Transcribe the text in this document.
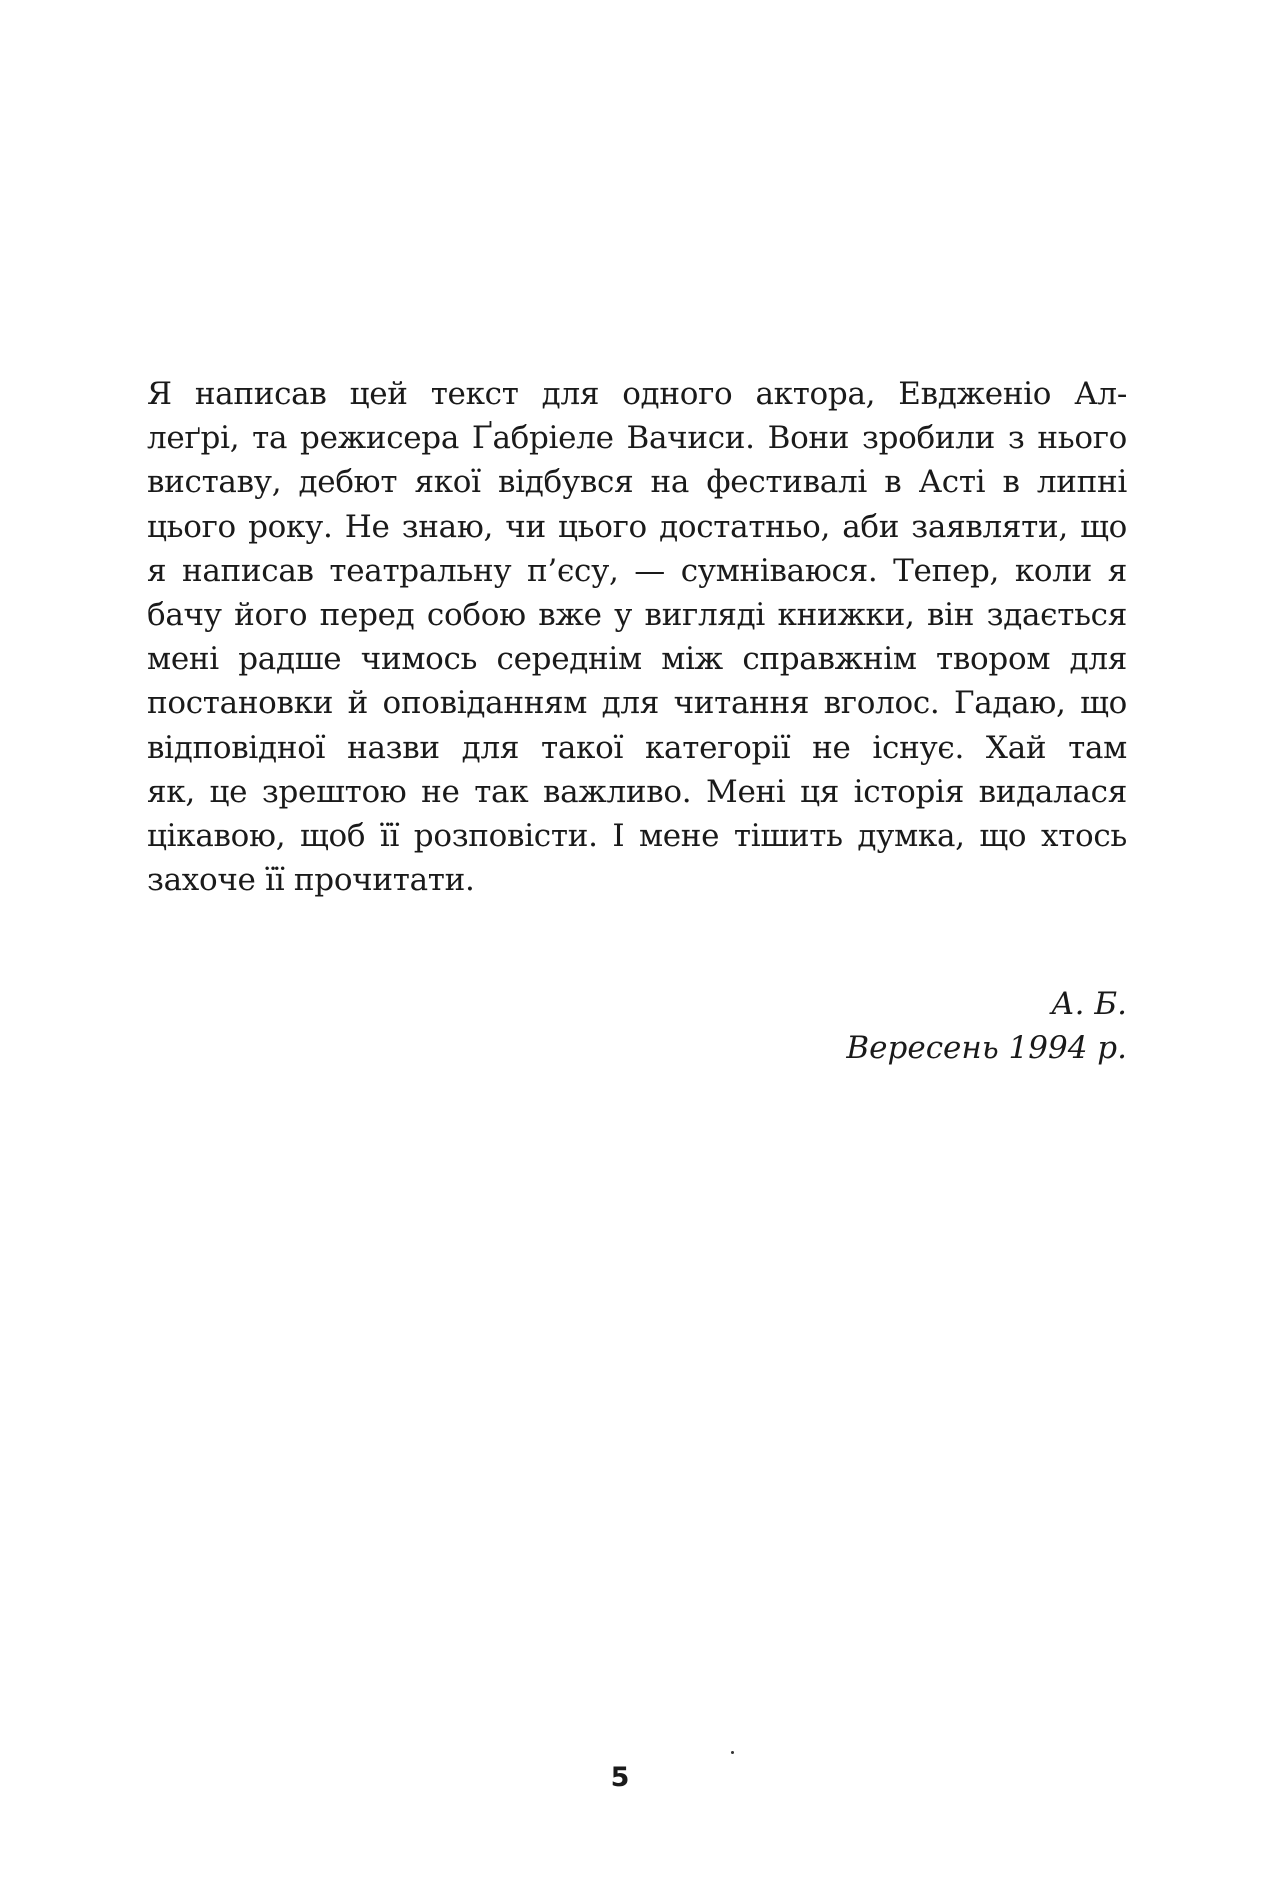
Я написав цей текст для одного актора, Евдженіо Ал-
леґрі, та режисера Ґабріеле Вачиси. Вони зробили з нього
виставу, дебют якої відбувся на фестивалі в Асті в липні
цього року. Не знаю, чи цього достатньо, аби заявляти, що
я написав театральну п’єсу, — сумніваюся. Тепер, коли я
бачу його перед собою вже у вигляді книжки, він здається
мені радше чимось середнім між справжнім твором для
постановки й оповіданням для читання вголос. Гадаю, що
відповідної назви для такої категорії не існує. Хай там
як, це зрештою не так важливо. Мені ця історія видалася
цікавою, щоб її розповісти. І мене тішить думка, що хтось
захоче її прочитати.
А. Б.
Вересень 1994 р.
5
